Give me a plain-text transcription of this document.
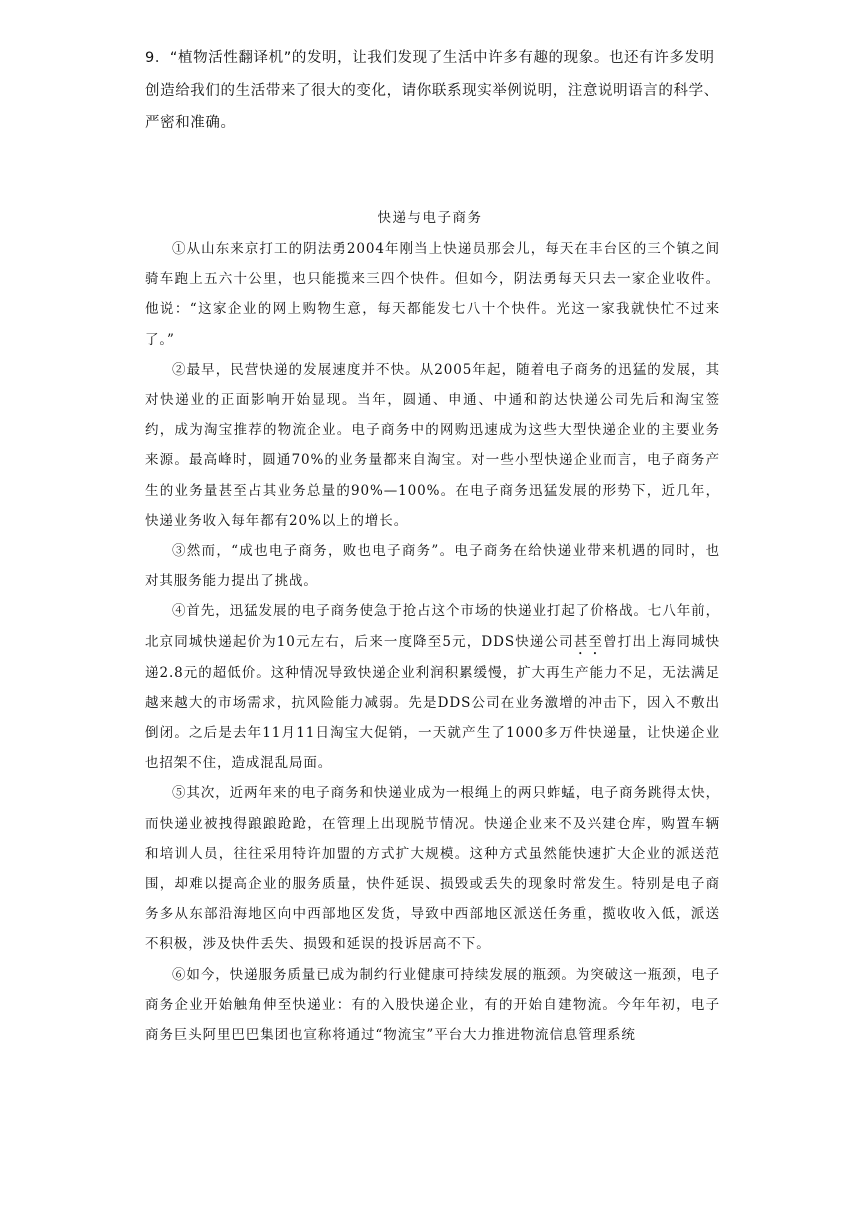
9．“植物活性翻译机”的发明，让我们发现了生活中许多有趣的现象。也还有许多发明创造给我们的生活带来了很大的变化，请你联系现实举例说明，注意说明语言的科学、严密和准确。

快递与电子商务

①从山东来京打工的阴法勇2004年刚当上快递员那会儿，每天在丰台区的三个镇之间骑车跑上五六十公里，也只能揽来三四个快件。但如今，阴法勇每天只去一家企业收件。他说：“这家企业的网上购物生意，每天都能发七八十个快件。光这一家我就快忙不过来了。”

②最早，民营快递的发展速度并不快。从2005年起，随着电子商务的迅猛的发展，其对快递业的正面影响开始显现。当年，圆通、申通、中通和韵达快递公司先后和淘宝签约，成为淘宝推荐的物流企业。电子商务中的网购迅速成为这些大型快递企业的主要业务来源。最高峰时，圆通70%的业务量都来自淘宝。对一些小型快递企业而言，电子商务产生的业务量甚至占其业务总量的90%—100%。在电子商务迅猛发展的形势下，近几年，快递业务收入每年都有20%以上的增长。

③然而，“成也电子商务，败也电子商务”。电子商务在给快递业带来机遇的同时，也对其服务能力提出了挑战。

④首先，迅猛发展的电子商务使急于抢占这个市场的快递业打起了价格战。七八年前，北京同城快递起价为10元左右，后来一度降至5元，DDS快递公司甚至曾打出上海同城快递2.8元的超低价。这种情况导致快递企业利润积累缓慢，扩大再生产能力不足，无法满足越来越大的市场需求，抗风险能力减弱。先是DDS公司在业务激增的冲击下，因入不敷出倒闭。之后是去年11月11日淘宝大促销，一天就产生了1000多万件快递量，让快递企业也招架不住，造成混乱局面。

⑤其次，近两年来的电子商务和快递业成为一根绳上的两只蚱蜢，电子商务跳得太快，而快递业被拽得踉踉跄跄，在管理上出现脱节情况。快递企业来不及兴建仓库，购置车辆和培训人员，往往采用特许加盟的方式扩大规模。这种方式虽然能快速扩大企业的派送范围，却难以提高企业的服务质量，快件延误、损毁或丢失的现象时常发生。特别是电子商务多从东部沿海地区向中西部地区发货，导致中西部地区派送任务重，揽收收入低，派送不积极，涉及快件丢失、损毁和延误的投诉居高不下。

⑥如今，快递服务质量已成为制约行业健康可持续发展的瓶颈。为突破这一瓶颈，电子商务企业开始触角伸至快递业：有的入股快递企业，有的开始自建物流。今年年初，电子商务巨头阿里巴巴集团也宣称将通过“物流宝”平台大力推进物流信息管理系统
